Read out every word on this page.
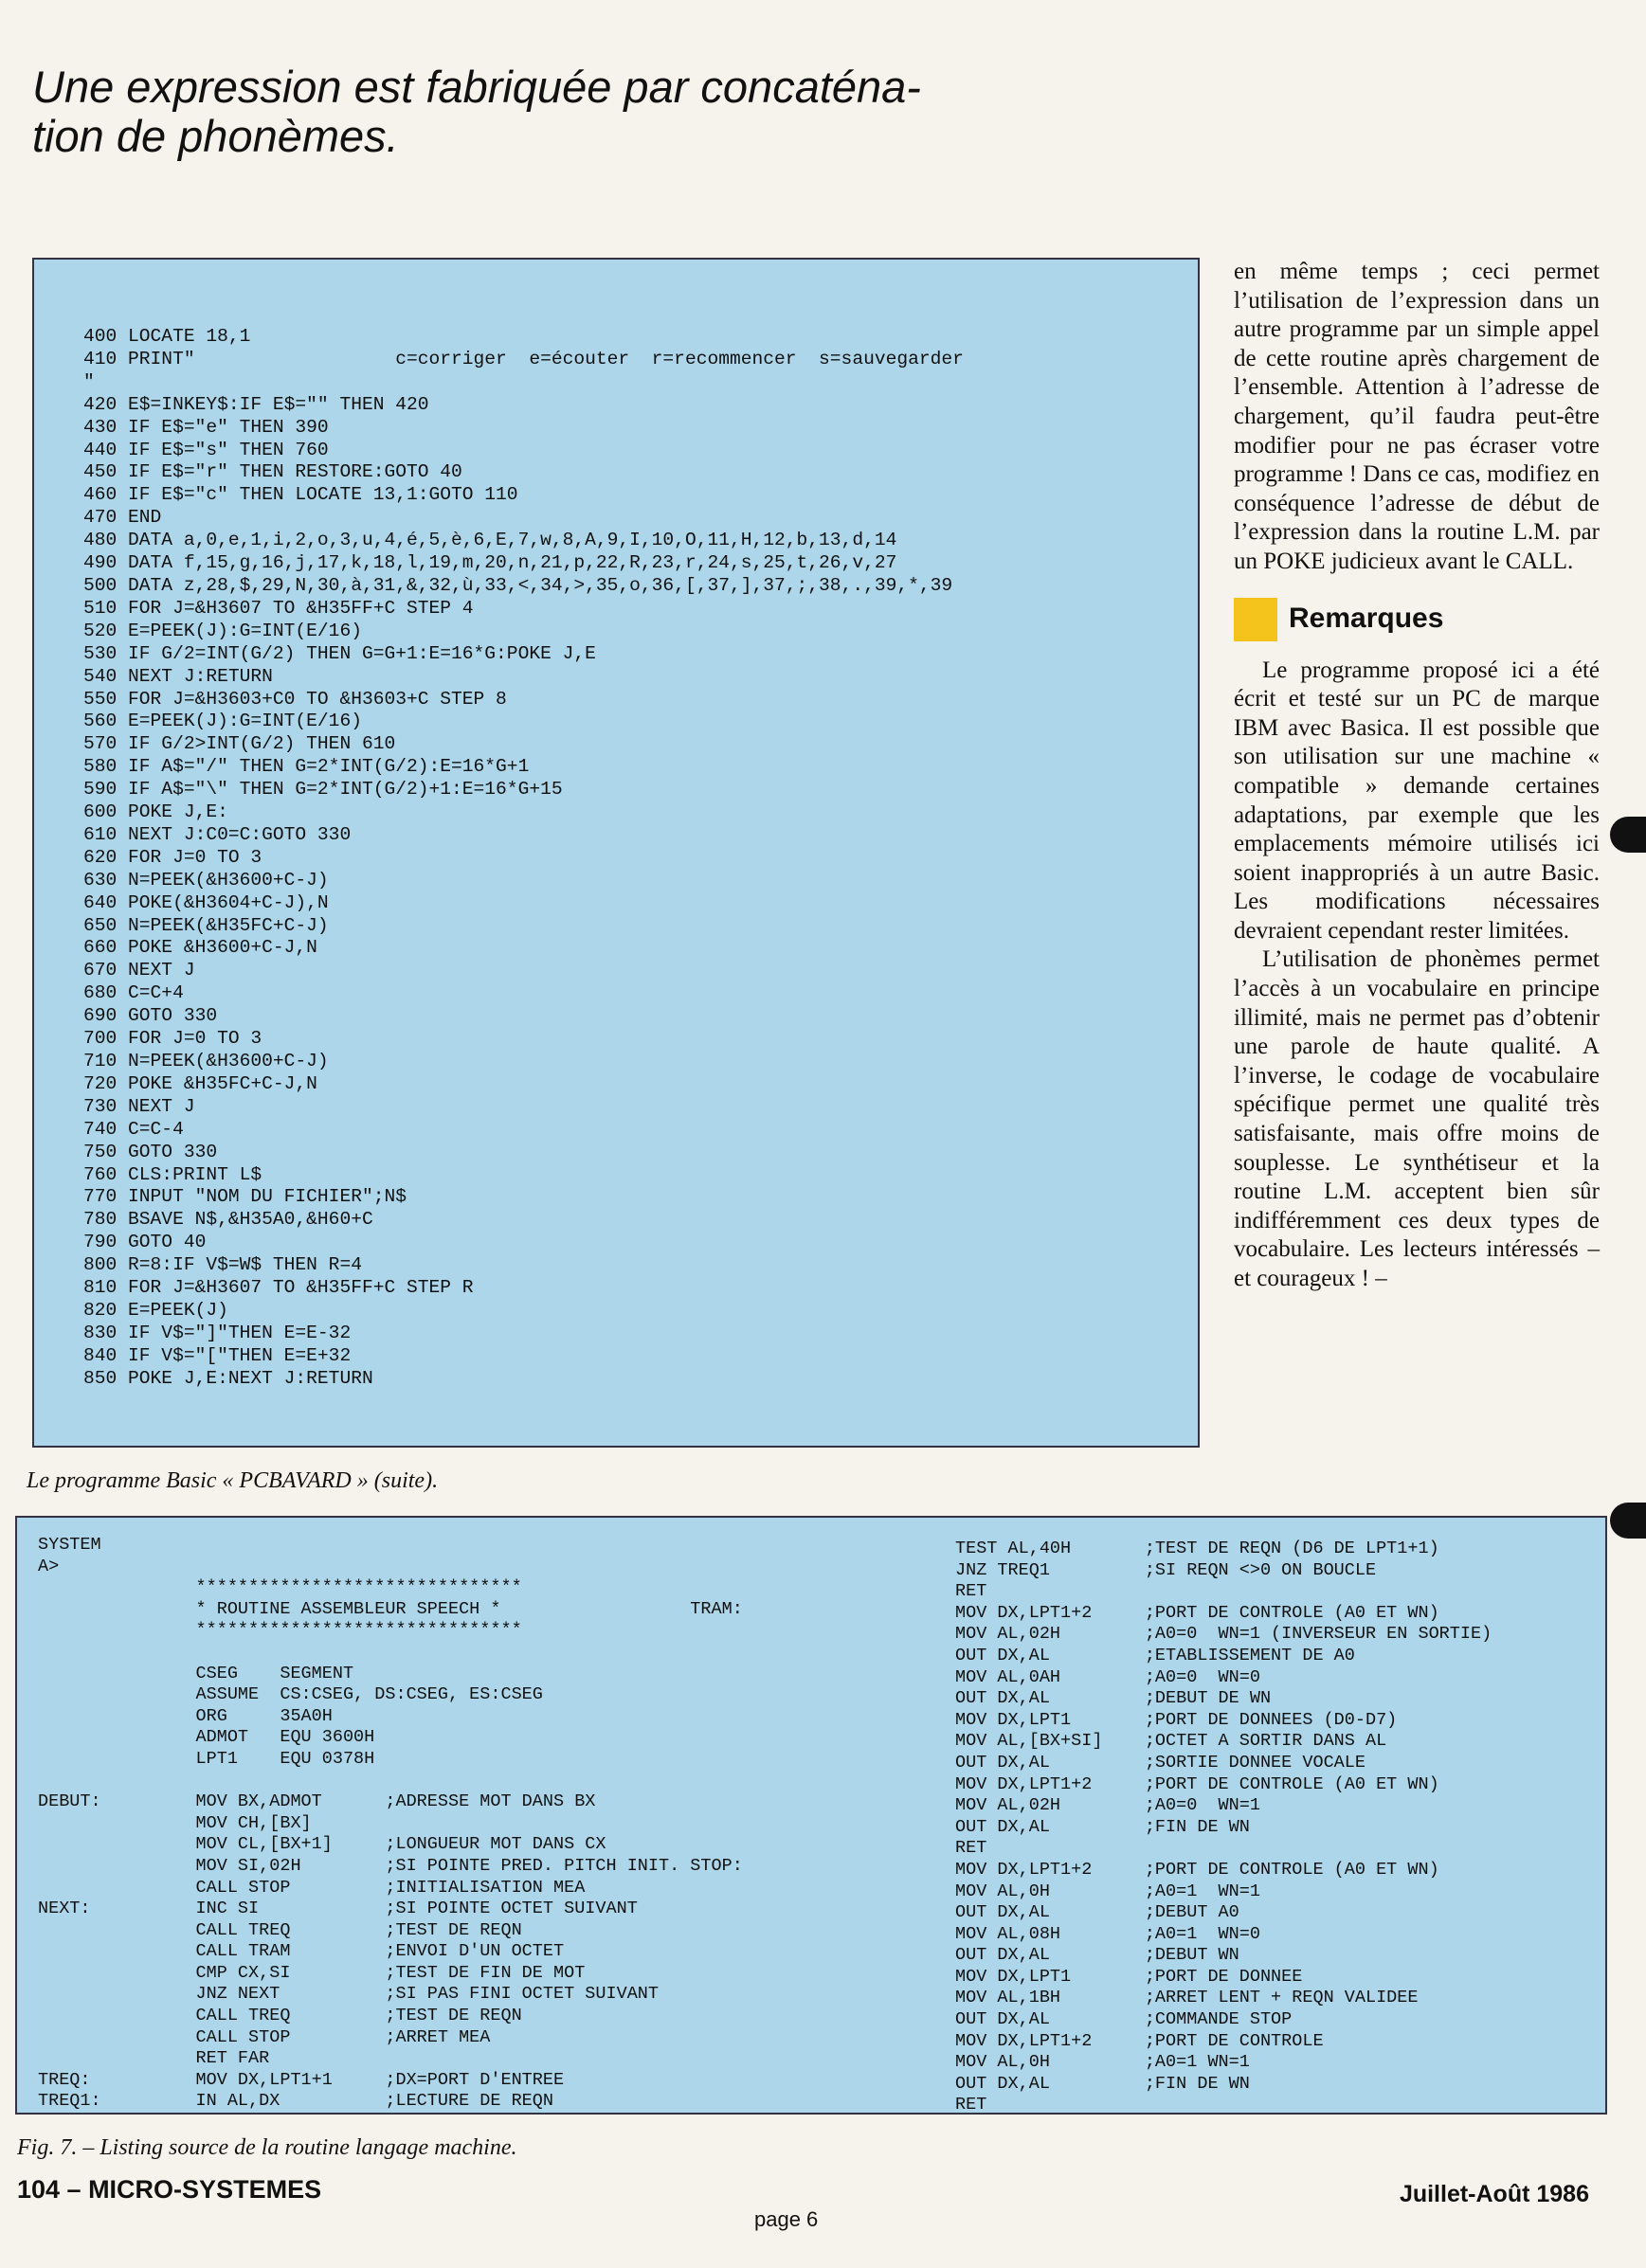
Une expression est fabriquée par concaténa-
tion de phonèmes.
400 LOCATE 18,1
410 PRINT"                  c=corriger  e=écouter  r=recommencer  s=sauvegarder
"
420 E$=INKEY$:IF E$="" THEN 420
430 IF E$="e" THEN 390
440 IF E$="s" THEN 760
450 IF E$="r" THEN RESTORE:GOTO 40
460 IF E$="c" THEN LOCATE 13,1:GOTO 110
470 END
480 DATA a,0,e,1,i,2,o,3,u,4,é,5,è,6,E,7,w,8,A,9,I,10,O,11,H,12,b,13,d,14
490 DATA f,15,g,16,j,17,k,18,l,19,m,20,n,21,p,22,R,23,r,24,s,25,t,26,v,27
500 DATA z,28,$,29,N,30,à,31,&,32,ù,33,<,34,>,35,o,36,[,37,],37,;,38,.,39,*,39
510 FOR J=&H3607 TO &H35FF+C STEP 4
520 E=PEEK(J):G=INT(E/16)
530 IF G/2=INT(G/2) THEN G=G+1:E=16*G:POKE J,E
540 NEXT J:RETURN
550 FOR J=&H3603+C0 TO &H3603+C STEP 8
560 E=PEEK(J):G=INT(E/16)
570 IF G/2>INT(G/2) THEN 610
580 IF A$="/" THEN G=2*INT(G/2):E=16*G+1
590 IF A$="\" THEN G=2*INT(G/2)+1:E=16*G+15
600 POKE J,E:
610 NEXT J:C0=C:GOTO 330
620 FOR J=0 TO 3
630 N=PEEK(&H3600+C-J)
640 POKE(&H3604+C-J),N
650 N=PEEK(&H35FC+C-J)
660 POKE &H3600+C-J,N
670 NEXT J
680 C=C+4
690 GOTO 330
700 FOR J=0 TO 3
710 N=PEEK(&H3600+C-J)
720 POKE &H35FC+C-J,N
730 NEXT J
740 C=C-4
750 GOTO 330
760 CLS:PRINT L$
770 INPUT "NOM DU FICHIER";N$
780 BSAVE N$,&H35A0,&H60+C
790 GOTO 40
800 R=8:IF V$=W$ THEN R=4
810 FOR J=&H3607 TO &H35FF+C STEP R
820 E=PEEK(J)
830 IF V$="]"THEN E=E-32
840 IF V$="["THEN E=E+32
850 POKE J,E:NEXT J:RETURN

Le programme Basic « PCBAVARD » (suite).

en même temps ; ceci permet l’utilisation de l’expression dans un autre programme par un simple appel de cette routine après chargement de l’ensemble. Attention à l’adresse de chargement, qu’il faudra peut-être modifier pour ne pas écraser votre programme ! Dans ce cas, modifiez en conséquence l’adresse de début de l’expression dans la routine L.M. par un POKE judicieux avant le CALL.

Remarques

Le programme proposé ici a été écrit et testé sur un PC de marque IBM avec Basica. Il est possible que son utilisation sur une machine « compatible » demande certaines adaptations, par exemple que les emplacements mémoire utilisés ici soient inappropriés à un autre Basic. Les modifications nécessaires devraient cependant rester limitées.

L’utilisation de phonèmes permet l’accès à un vocabulaire en principe illimité, mais ne permet pas d’obtenir une parole de haute qualité. A l’inverse, le codage de vocabulaire spécifique permet une qualité très satisfaisante, mais offre moins de souplesse. Le synthétiseur et la routine L.M. acceptent bien sûr indifféremment ces deux types de vocabulaire. Les lecteurs intéressés – et courageux ! –

SYSTEM
A>
*******************************
* ROUTINE ASSEMBLEUR SPEECH *                  TRAM:
*******************************

CSEG    SEGMENT
ASSUME  CS:CSEG, DS:CSEG, ES:CSEG
ORG     35A0H
ADMOT   EQU 3600H
LPT1    EQU 0378H

DEBUT:         MOV BX,ADMOT      ;ADRESSE MOT DANS BX
MOV CH,[BX]
MOV CL,[BX+1]     ;LONGUEUR MOT DANS CX
MOV SI,02H        ;SI POINTE PRED. PITCH INIT. STOP:
CALL STOP         ;INITIALISATION MEA
NEXT:          INC SI            ;SI POINTE OCTET SUIVANT
CALL TREQ         ;TEST DE REQN
CALL TRAM         ;ENVOI D'UN OCTET
CMP CX,SI         ;TEST DE FIN DE MOT
JNZ NEXT          ;SI PAS FINI OCTET SUIVANT
CALL TREQ         ;TEST DE REQN
CALL STOP         ;ARRET MEA
RET FAR
TREQ:          MOV DX,LPT1+1     ;DX=PORT D'ENTREE
TREQ1:         IN AL,DX          ;LECTURE DE REQN
TEST AL,40H       ;TEST DE REQN (D6 DE LPT1+1)
JNZ TREQ1         ;SI REQN <>0 ON BOUCLE
RET
MOV DX,LPT1+2     ;PORT DE CONTROLE (A0 ET WN)
MOV AL,02H        ;A0=0  WN=1 (INVERSEUR EN SORTIE)
OUT DX,AL         ;ETABLISSEMENT DE A0
MOV AL,0AH        ;A0=0  WN=0
OUT DX,AL         ;DEBUT DE WN
MOV DX,LPT1       ;PORT DE DONNEES (D0-D7)
MOV AL,[BX+SI]    ;OCTET A SORTIR DANS AL
OUT DX,AL         ;SORTIE DONNEE VOCALE
MOV DX,LPT1+2     ;PORT DE CONTROLE (A0 ET WN)
MOV AL,02H        ;A0=0  WN=1
OUT DX,AL         ;FIN DE WN
RET
MOV DX,LPT1+2     ;PORT DE CONTROLE (A0 ET WN)
MOV AL,0H         ;A0=1  WN=1
OUT DX,AL         ;DEBUT A0
MOV AL,08H        ;A0=1  WN=0
OUT DX,AL         ;DEBUT WN
MOV DX,LPT1       ;PORT DE DONNEE
MOV AL,1BH        ;ARRET LENT + REQN VALIDEE
OUT DX,AL         ;COMMANDE STOP
MOV DX,LPT1+2     ;PORT DE CONTROLE
MOV AL,0H         ;A0=1 WN=1
OUT DX,AL         ;FIN DE WN
RET

Fig. 7. – Listing source de la routine langage machine.

104 – MICRO-SYSTEMES	Juillet-Août 1986
page 6
